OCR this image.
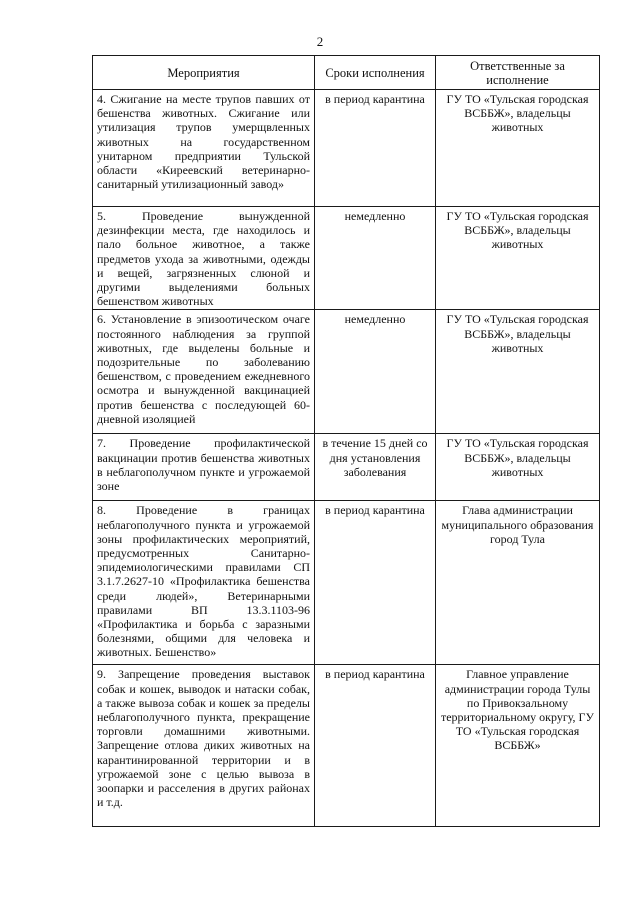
2
Мероприятия	Сроки исполнения	Ответственные за исполнение
4. Сжигание на месте трупов павших от бешенства животных. Сжигание или утилизация трупов умерщвленных животных на государственном унитарном предприятии Тульской области «Киреевский ветеринарно-санитарный утилизационный завод»	в период карантина	ГУ ТО «Тульская городская ВСББЖ», владельцы животных
5. Проведение вынужденной дезинфекции места, где находилось и пало больное животное, а также предметов ухода за животными, одежды и вещей, загрязненных слюной и другими выделениями больных бешенством животных	немедленно	ГУ ТО «Тульская городская ВСББЖ», владельцы животных
6. Установление в эпизоотическом очаге постоянного наблюдения за группой животных, где выделены больные и подозрительные по заболеванию бешенством, с проведением ежедневного осмотра и вынужденной вакцинацией против бешенства с последующей 60-дневной изоляцией	немедленно	ГУ ТО «Тульская городская ВСББЖ», владельцы животных
7. Проведение профилактической вакцинации против бешенства животных в неблагополучном пункте и угрожаемой зоне	в течение 15 дней со дня установления заболевания	ГУ ТО «Тульская городская ВСББЖ», владельцы животных
8. Проведение в границах неблагополучного пункта и угрожаемой зоны профилактических мероприятий, предусмотренных Санитарно-эпидемиологическими правилами СП 3.1.7.2627-10 «Профилактика бешенства среди людей», Ветеринарными правилами ВП 13.3.1103-96 «Профилактика и борьба с заразными болезнями, общими для человека и животных. Бешенство»	в период карантина	Глава администрации муниципального образования город Тула
9. Запрещение проведения выставок собак и кошек, выводок и натаски собак, а также вывоза собак и кошек за пределы неблагополучного пункта, прекращение торговли домашними животными. Запрещение отлова диких животных на карантинированной территории и в угрожаемой зоне с целью вывоза в зоопарки и расселения в других районах и т.д.	в период карантина	Главное управление администрации города Тулы по Привокзальному территориальному округу, ГУ ТО «Тульская городская ВСББЖ»
